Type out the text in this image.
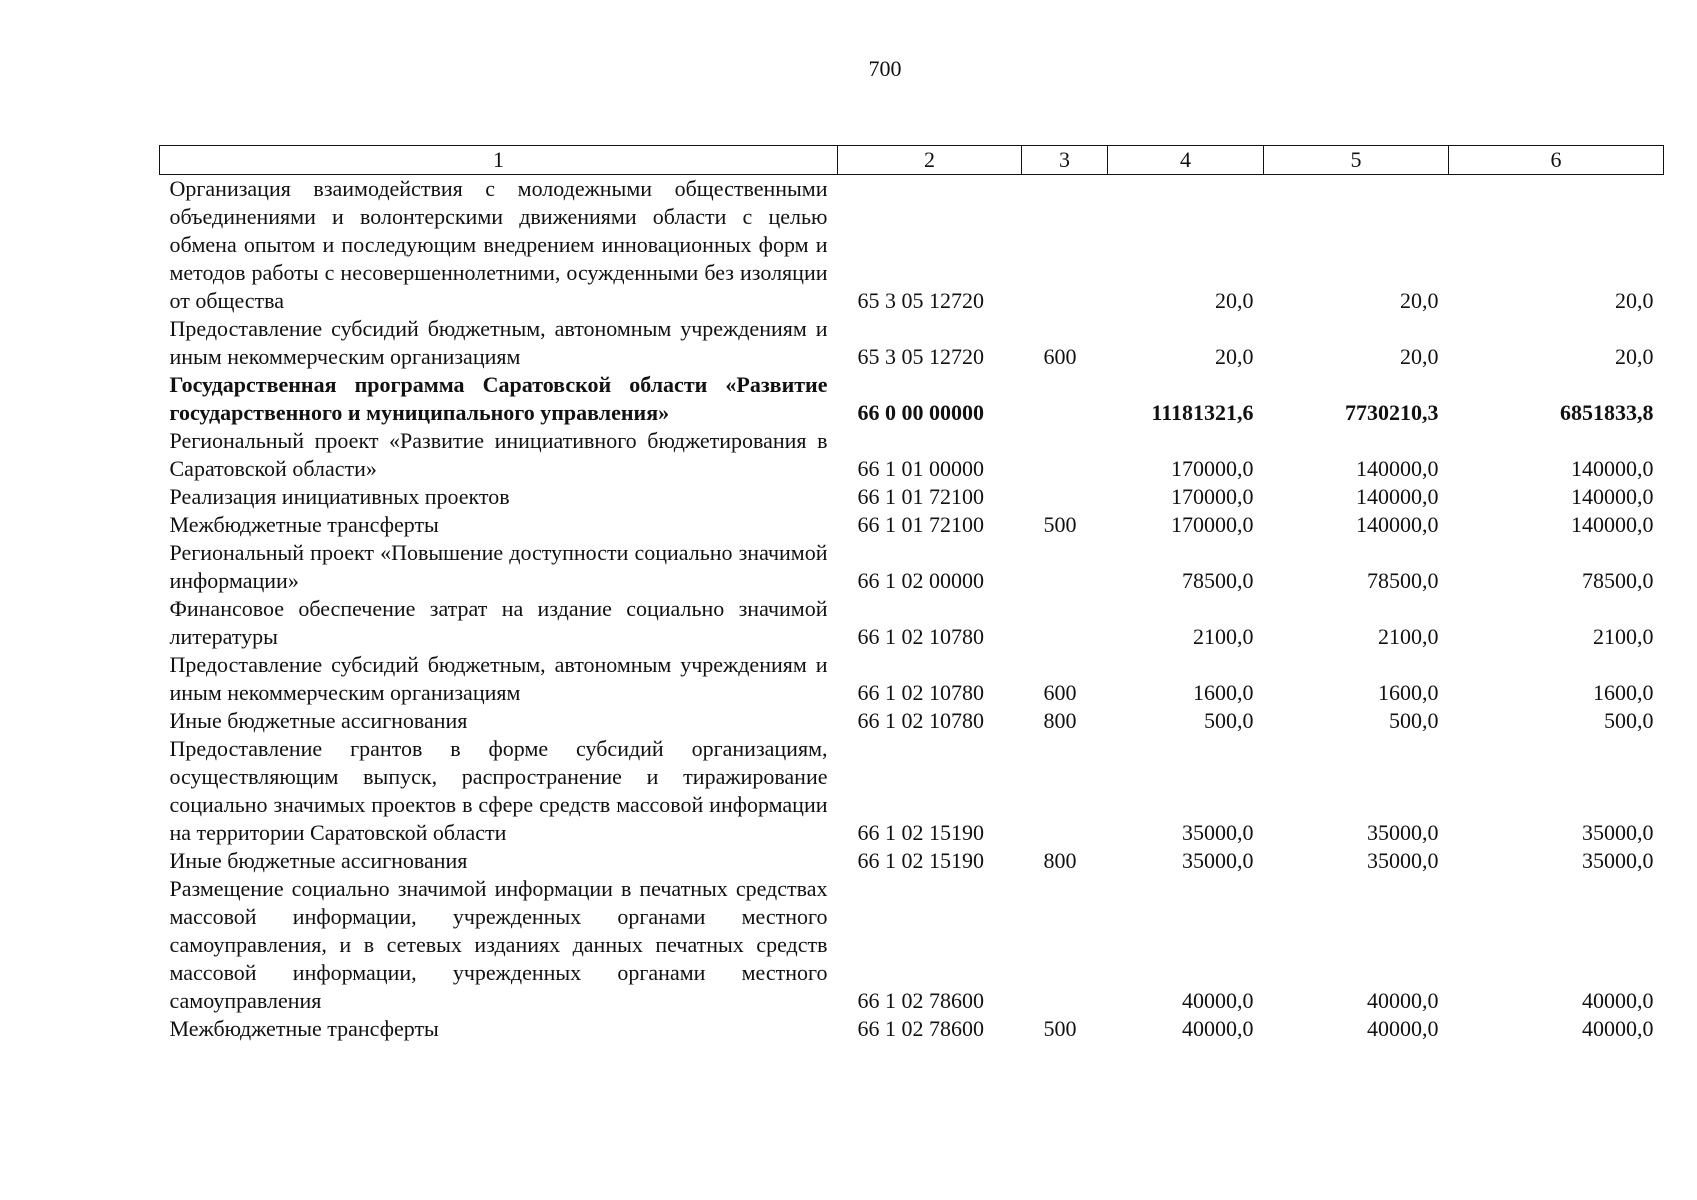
700
1	2	3	4	5	6
Организация взаимодействия с молодежными общественными объединениями и волонтерскими движениями области с целью обмена опытом и последующим внедрением инновационных форм и методов работы с несовершеннолетними, осужденными без изоляции от общества	65 3 05 12720		20,0	20,0	20,0
Предоставление субсидий бюджетным, автономным учреждениям и иным некоммерческим организациям	65 3 05 12720	600	20,0	20,0	20,0
Государственная программа Саратовской области «Развитие государственного и муниципального управления»	66 0 00 00000		11181321,6	7730210,3	6851833,8
Региональный проект «Развитие инициативного бюджетирования в Саратовской области»	66 1 01 00000		170000,0	140000,0	140000,0
Реализация инициативных проектов	66 1 01 72100		170000,0	140000,0	140000,0
Межбюджетные трансферты	66 1 01 72100	500	170000,0	140000,0	140000,0
Региональный проект «Повышение доступности социально значимой информации»	66 1 02 00000		78500,0	78500,0	78500,0
Финансовое обеспечение затрат на издание социально значимой литературы	66 1 02 10780		2100,0	2100,0	2100,0
Предоставление субсидий бюджетным, автономным учреждениям и иным некоммерческим организациям	66 1 02 10780	600	1600,0	1600,0	1600,0
Иные бюджетные ассигнования	66 1 02 10780	800	500,0	500,0	500,0
Предоставление грантов в форме субсидий организациям, осуществляющим выпуск, распространение и тиражирование социально значимых проектов в сфере средств массовой информации на территории Саратовской области	66 1 02 15190		35000,0	35000,0	35000,0
Иные бюджетные ассигнования	66 1 02 15190	800	35000,0	35000,0	35000,0
Размещение социально значимой информации в печатных средствах массовой информации, учрежденных органами местного самоуправления, и в сетевых изданиях данных печатных средств массовой информации, учрежденных органами местного самоуправления	66 1 02 78600		40000,0	40000,0	40000,0
Межбюджетные трансферты	66 1 02 78600	500	40000,0	40000,0	40000,0
